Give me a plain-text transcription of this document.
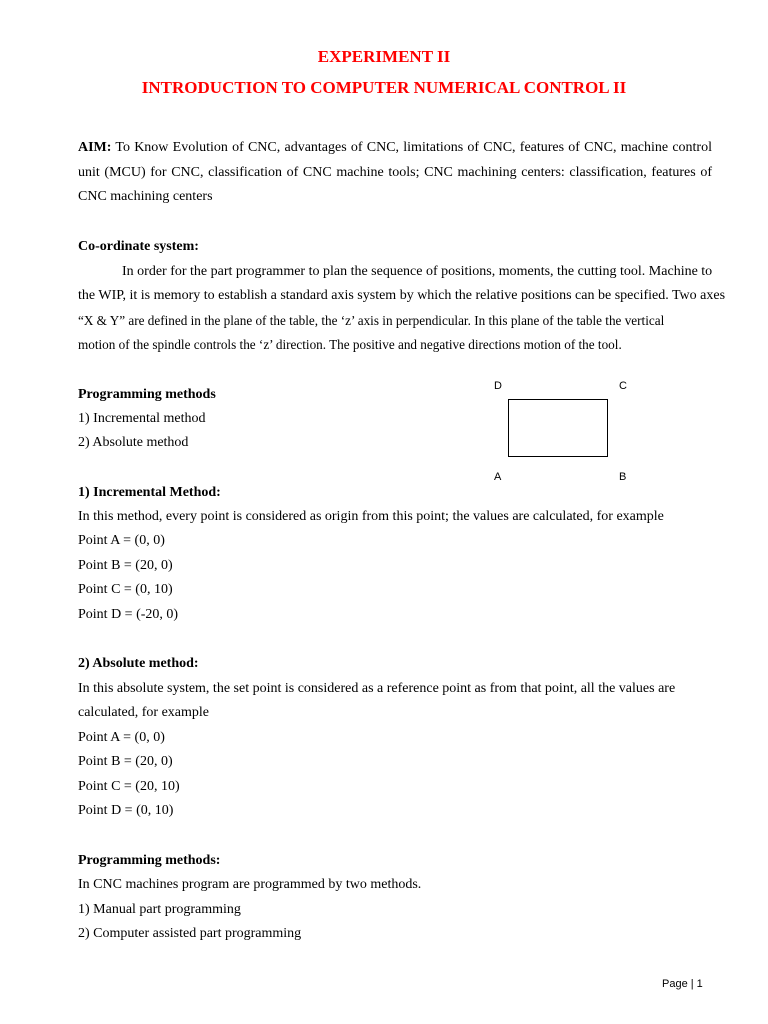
EXPERIMENT II
INTRODUCTION TO COMPUTER NUMERICAL CONTROL II
AIM: To Know Evolution of CNC, advantages of CNC, limitations of CNC, features of CNC, machine control unit (MCU) for CNC, classification of CNC machine tools; CNC machining centers: classification, features of CNC machining centers
Co-ordinate system:
In order for the part programmer to plan the sequence of positions, moments, the cutting tool. Machine to
the WIP, it is memory to establish a standard axis system by which the relative positions can be specified. Two axes
“X & Y” are defined in the plane of the table, the ‘z’ axis in perpendicular. In this plane of the table the vertical
motion of the spindle controls the ‘z’ direction. The positive and negative directions motion of the tool.
Programming methods
1) Incremental method
2) Absolute method
D	C
A	B
1) Incremental Method:
In this method, every point is considered as origin from this point; the values are calculated, for example
Point A = (0, 0)
Point B = (20, 0)
Point C = (0, 10)
Point D = (-20, 0)
2) Absolute method:
In this absolute system, the set point is considered as a reference point as from that point, all the values are
calculated, for example
Point A = (0, 0)
Point B = (20, 0)
Point C = (20, 10)
Point D = (0, 10)
Programming methods:
In CNC machines program are programmed by two methods.
1) Manual part programming
2) Computer assisted part programming
Page | 1
